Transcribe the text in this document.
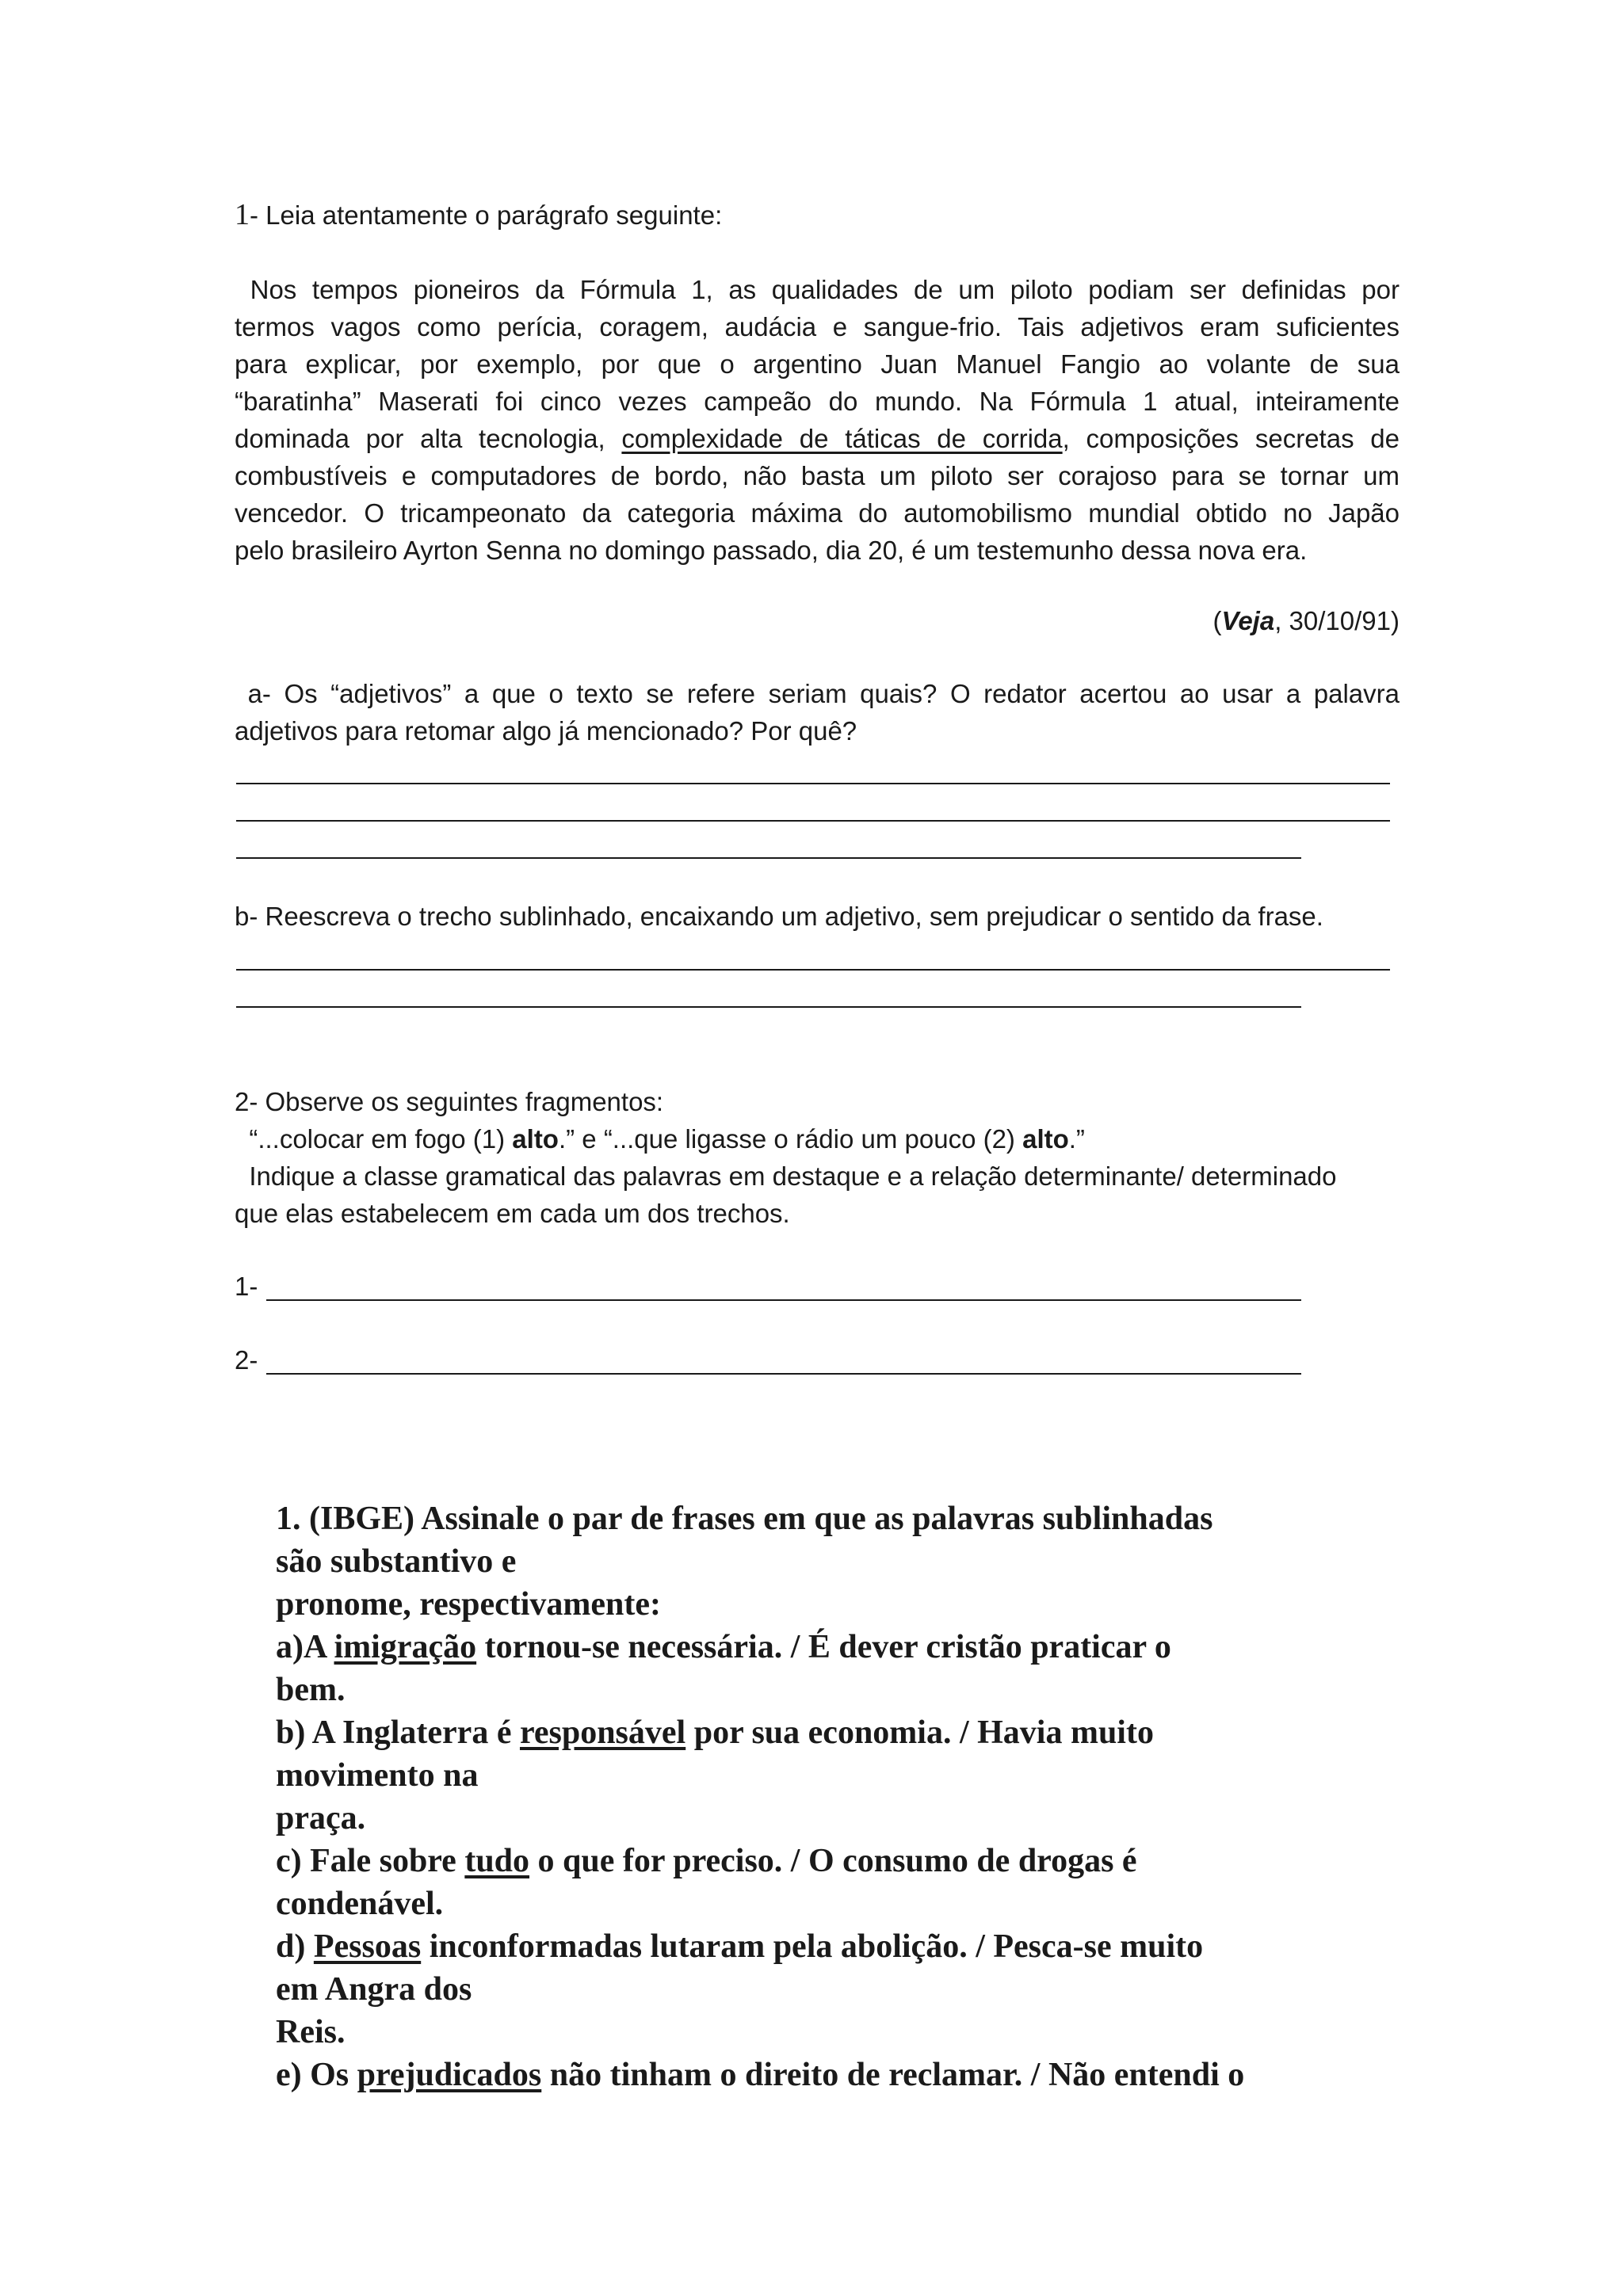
1- Leia atentamente o parágrafo seguinte:
Nos tempos pioneiros da Fórmula 1, as qualidades de um piloto podiam ser definidas por
termos vagos como perícia, coragem, audácia e sangue-frio. Tais adjetivos eram suficientes
para explicar, por exemplo, por que o argentino Juan Manuel Fangio ao volante de sua
“baratinha” Maserati foi cinco vezes campeão do mundo. Na Fórmula 1 atual, inteiramente
dominada por alta tecnologia, complexidade de táticas de corrida, composições secretas de
combustíveis e computadores de bordo, não basta um piloto ser corajoso para se tornar um
vencedor. O tricampeonato da categoria máxima do automobilismo mundial obtido no Japão
pelo brasileiro Ayrton Senna no domingo passado, dia 20, é um testemunho dessa nova era.
(Veja, 30/10/91)
a- Os “adjetivos” a que o texto se refere seriam quais? O redator acertou ao usar a palavra
adjetivos para retomar algo já mencionado? Por quê?
b- Reescreva o trecho sublinhado, encaixando um adjetivo, sem prejudicar o sentido da frase.
2- Observe os seguintes fragmentos:
“...colocar em fogo (1) alto.” e “...que ligasse o rádio um pouco (2) alto.”
Indique a classe gramatical das palavras em destaque e a relação determinante/ determinado
que elas estabelecem em cada um dos trechos.
1-
2-
1. (IBGE) Assinale o par de frases em que as palavras sublinhadas
são substantivo e
pronome, respectivamente:
a)A imigração tornou-se necessária. / É dever cristão praticar o
bem.
b) A Inglaterra é responsável por sua economia. / Havia muito
movimento na
praça.
c) Fale sobre tudo o que for preciso. / O consumo de drogas é
condenável.
d) Pessoas inconformadas lutaram pela abolição. / Pesca-se muito
em Angra dos
Reis.
e) Os prejudicados não tinham o direito de reclamar. / Não entendi o
